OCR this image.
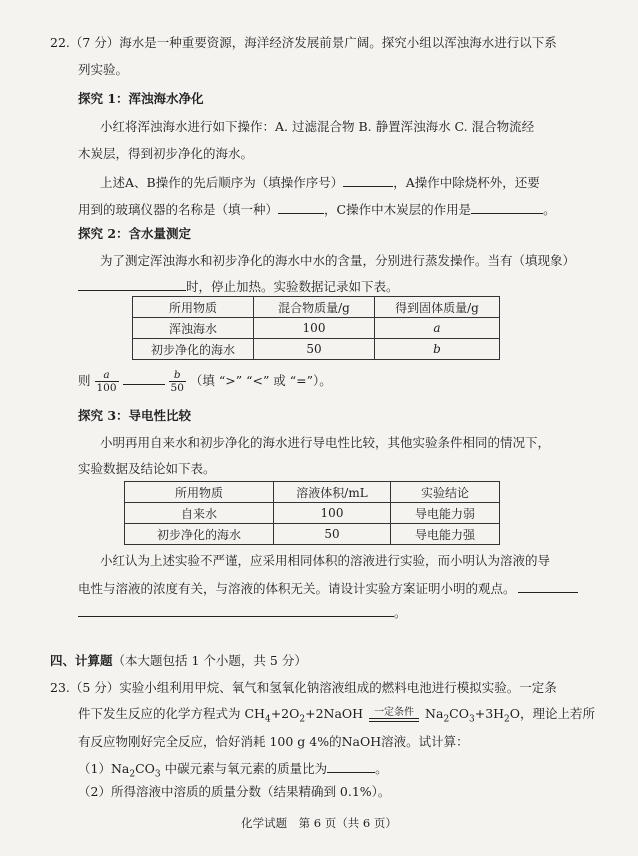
22.（7 分）海水是一种重要资源，海洋经济发展前景广阔。探究小组以浑浊海水进行以下系
列实验。
探究 1：浑浊海水净化
小红将浑浊海水进行如下操作：A. 过滤混合物 B. 静置浑浊海水 C. 混合物流经
木炭层，得到初步净化的海水。
上述A、B操作的先后顺序为（填操作序号）	，A操作中除烧杯外，还要
用到的玻璃仪器的名称是（填一种）	，C操作中木炭层的作用是	。
探究 2：含水量测定
为了测定浑浊海水和初步净化的海水中水的含量，分别进行蒸发操作。当有（填现象）
时，停止加热。实验数据记录如下表。
所用物质	混合物质量/g	得到固体质量/g
浑浊海水	100	a
初步净化的海水	50	b
则 $\frac{a}{100}$
	$\frac{b}{50}$ （填 “>” “<” 或 “=”）。
探究 3：导电性比较
小明再用自来水和初步净化的海水进行导电性比较，其他实验条件相同的情况下，
实验数据及结论如下表。
所用物质	溶液体积/mL	实验结论
自来水	100	导电能力弱
初步净化的海水	50	导电能力强
小红认为上述实验不严谨，应采用相同体积的溶液进行实验，而小明认为溶液的导
电性与溶液的浓度有关，与溶液的体积无关。请设计实验方案证明小明的观点。
。
四、计算题（本大题包括 1 个小题，共 5 分）
23.（5 分）实验小组利用甲烷、氧气和氢氧化钠溶液组成的燃料电池进行模拟实验。一定条
件下发生反应的化学方程式为 $CH_4+2O_2+2NaOH$	一定条件 $Na_2CO_3+3H_2O$，理论上若所
有反应物刚好完全反应，恰好消耗 100 g 4%的NaOH溶液。试计算：
$(1)Na_2CO_3$ 中碳元素与氧元素的质量比为	。
（2）所得溶液中溶质的质量分数（结果精确到 0.1%）。
化学试题　第 6 页（共 6 页）
